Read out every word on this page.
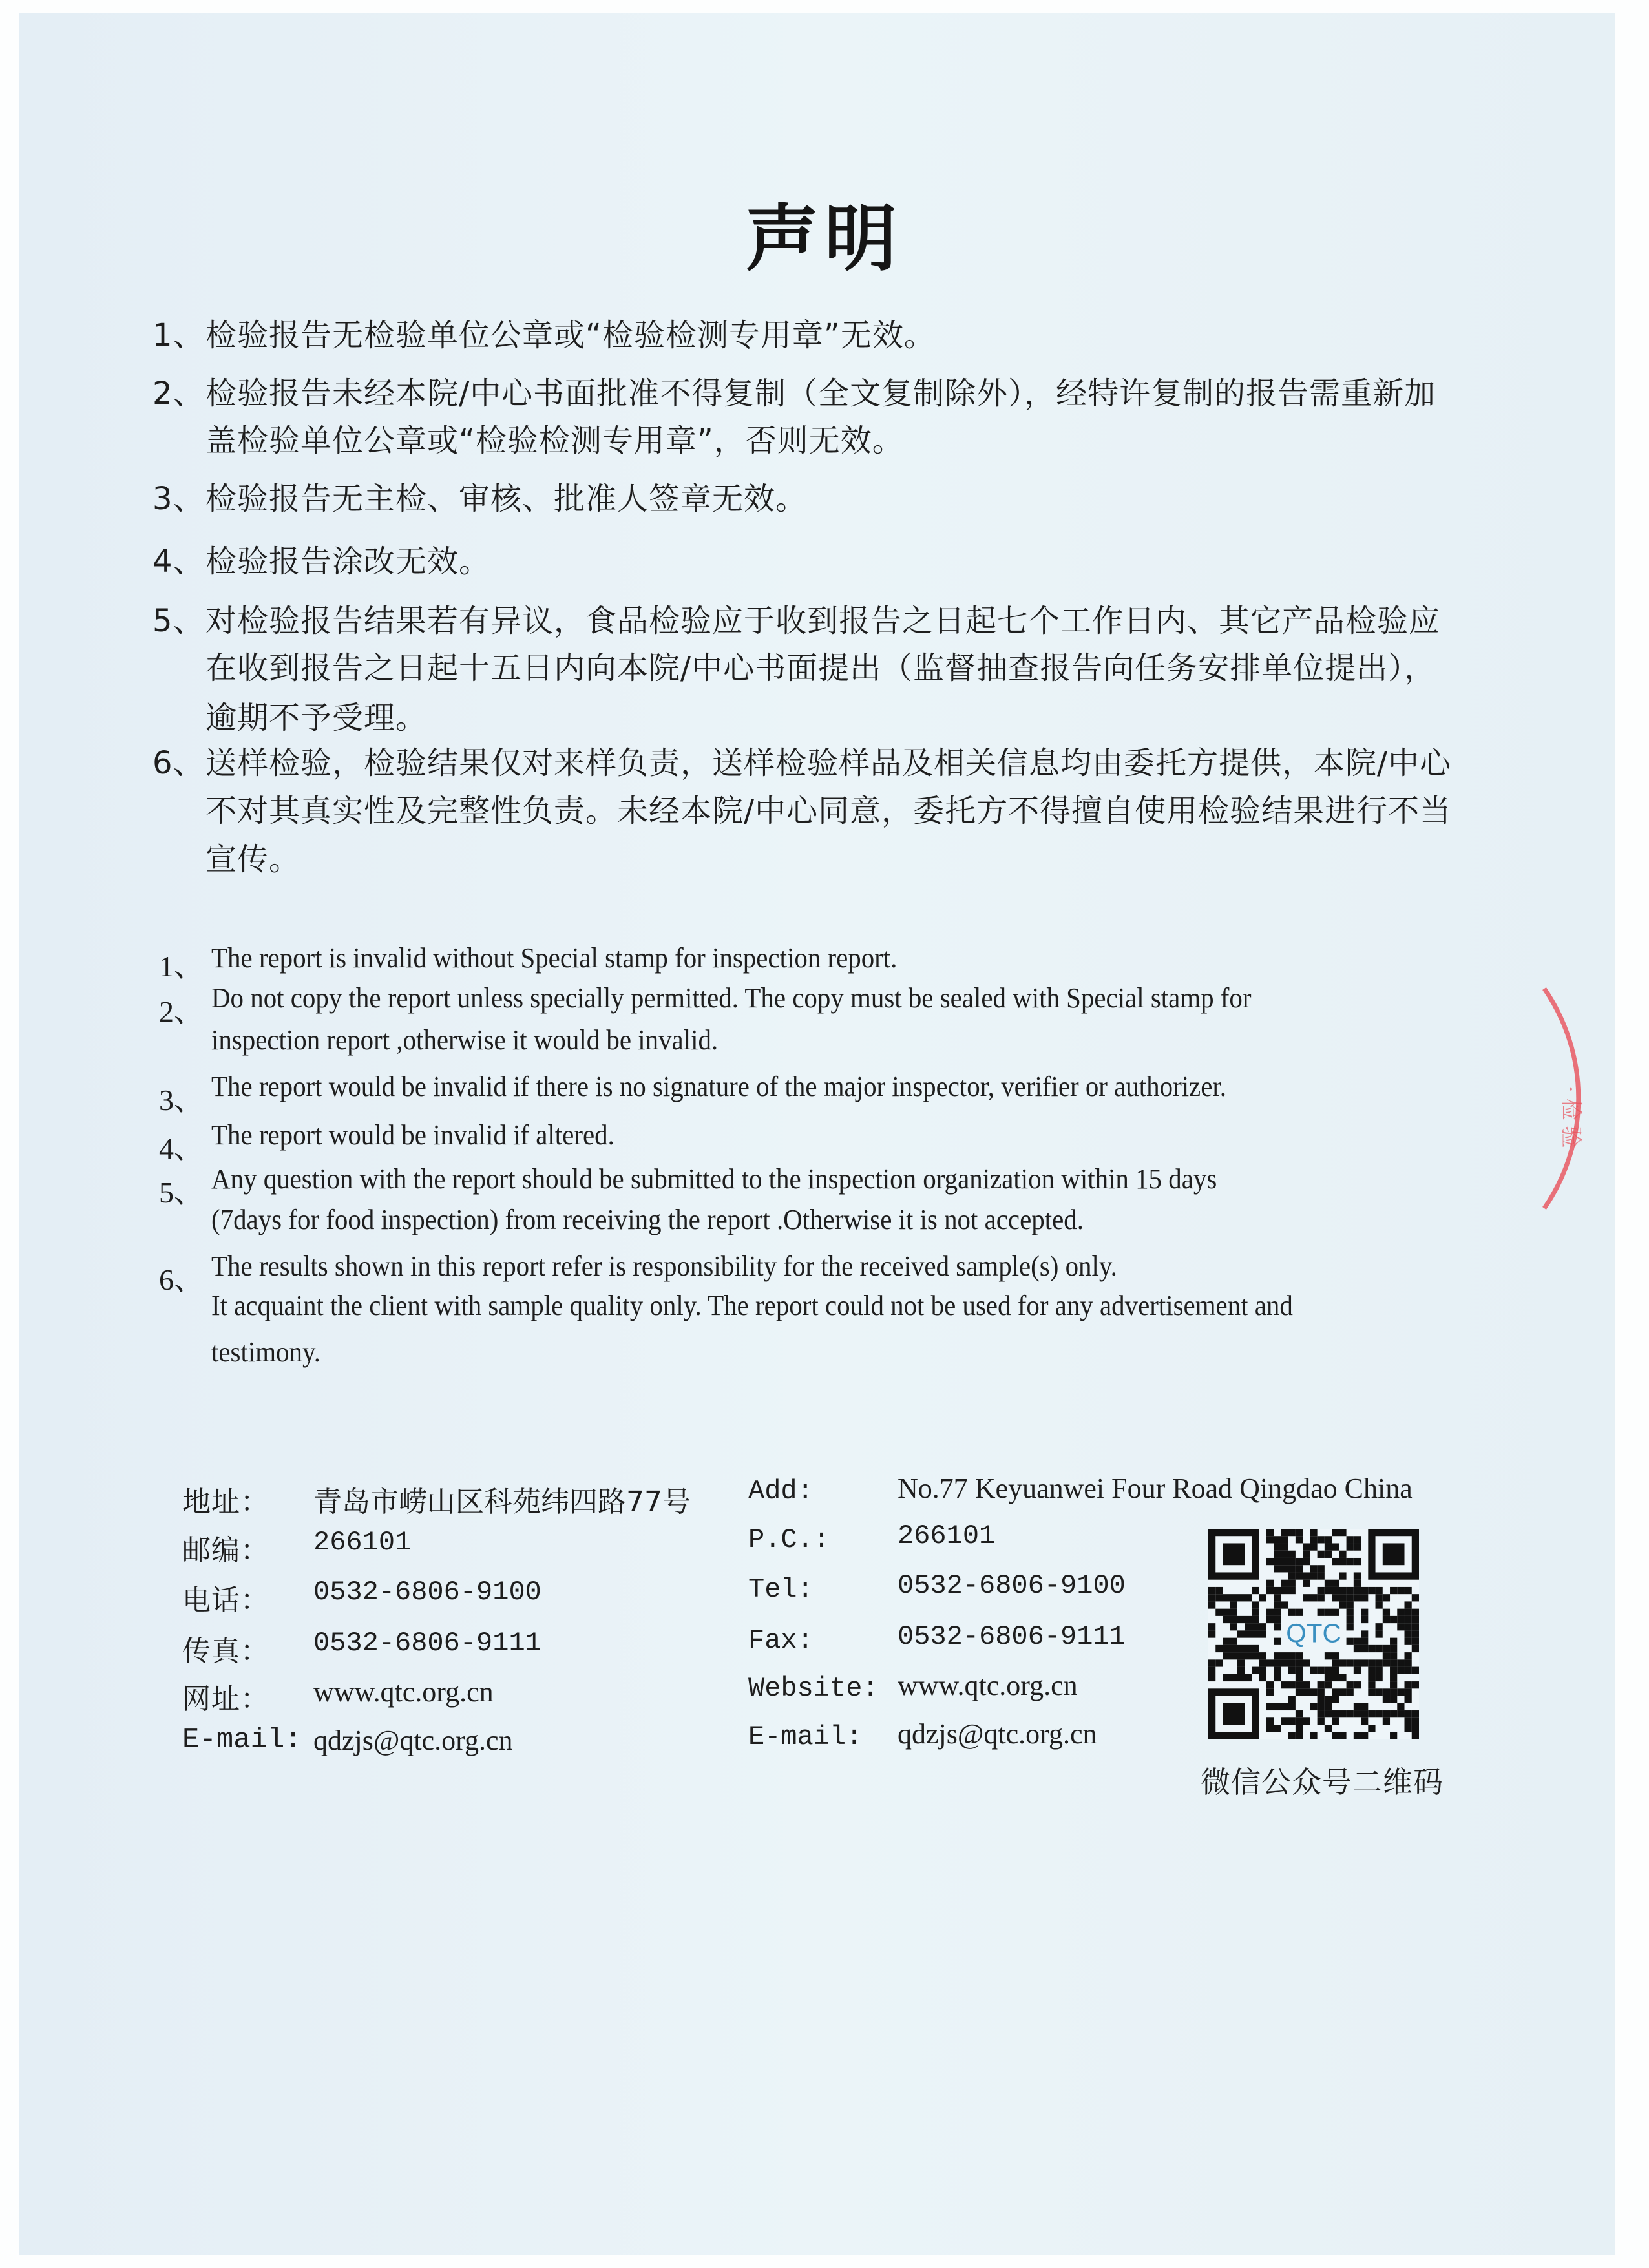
声明
1、 检验报告无检验单位公章或“检验检测专用章”无效。
2、 检验报告未经本院/中心书面批准不得复制（全文复制除外），经特许复制的报告需重新加
盖检验单位公章或“检验检测专用章”，否则无效。
3、 检验报告无主检、审核、批准人签章无效。
4、 检验报告涂改无效。
5、 对检验报告结果若有异议，食品检验应于收到报告之日起七个工作日内、其它产品检验应
在收到报告之日起十五日内向本院/中心书面提出（监督抽查报告向任务安排单位提出），
逾期不予受理。
6、 送样检验，检验结果仅对来样负责，送样检验样品及相关信息均由委托方提供，本院/中心
不对其真实性及完整性负责。未经本院/中心同意，委托方不得擅自使用检验结果进行不当
宣传。
1、 The report is invalid without Special stamp for inspection report.
2、 Do not copy the report unless specially permitted. The copy must be sealed with Special stamp for
inspection report ,otherwise it would be invalid.
3、 The report would be invalid if there is no signature of the major inspector, verifier or authorizer.
4、 The report would be invalid if altered.
5、 Any question with the report should be submitted to the inspection organization within 15 days
(7days for food inspection) from receiving the report .Otherwise it is not accepted.
6、 The results shown in this report refer is responsibility for the received sample(s) only.
It acquaint the client with sample quality only. The report could not be used for any advertisement and
testimony.
地址： 青岛市崂山区科苑纬四路77号
邮编： 266101
电话： 0532-6806-9100
传真： 0532-6806-9111
网址： www.qtc.org.cn
E-mail: qdzjs@qtc.org.cn
Add:	No.77 Keyuanwei Four Road Qingdao China
P.C.: 266101
Tel:	0532-6806-9100
Fax:	0532-6806-9111
Website: www.qtc.org.cn
E-mail: qdzjs@qtc.org.cn
QTC
微信公众号二维码
· 检 验
